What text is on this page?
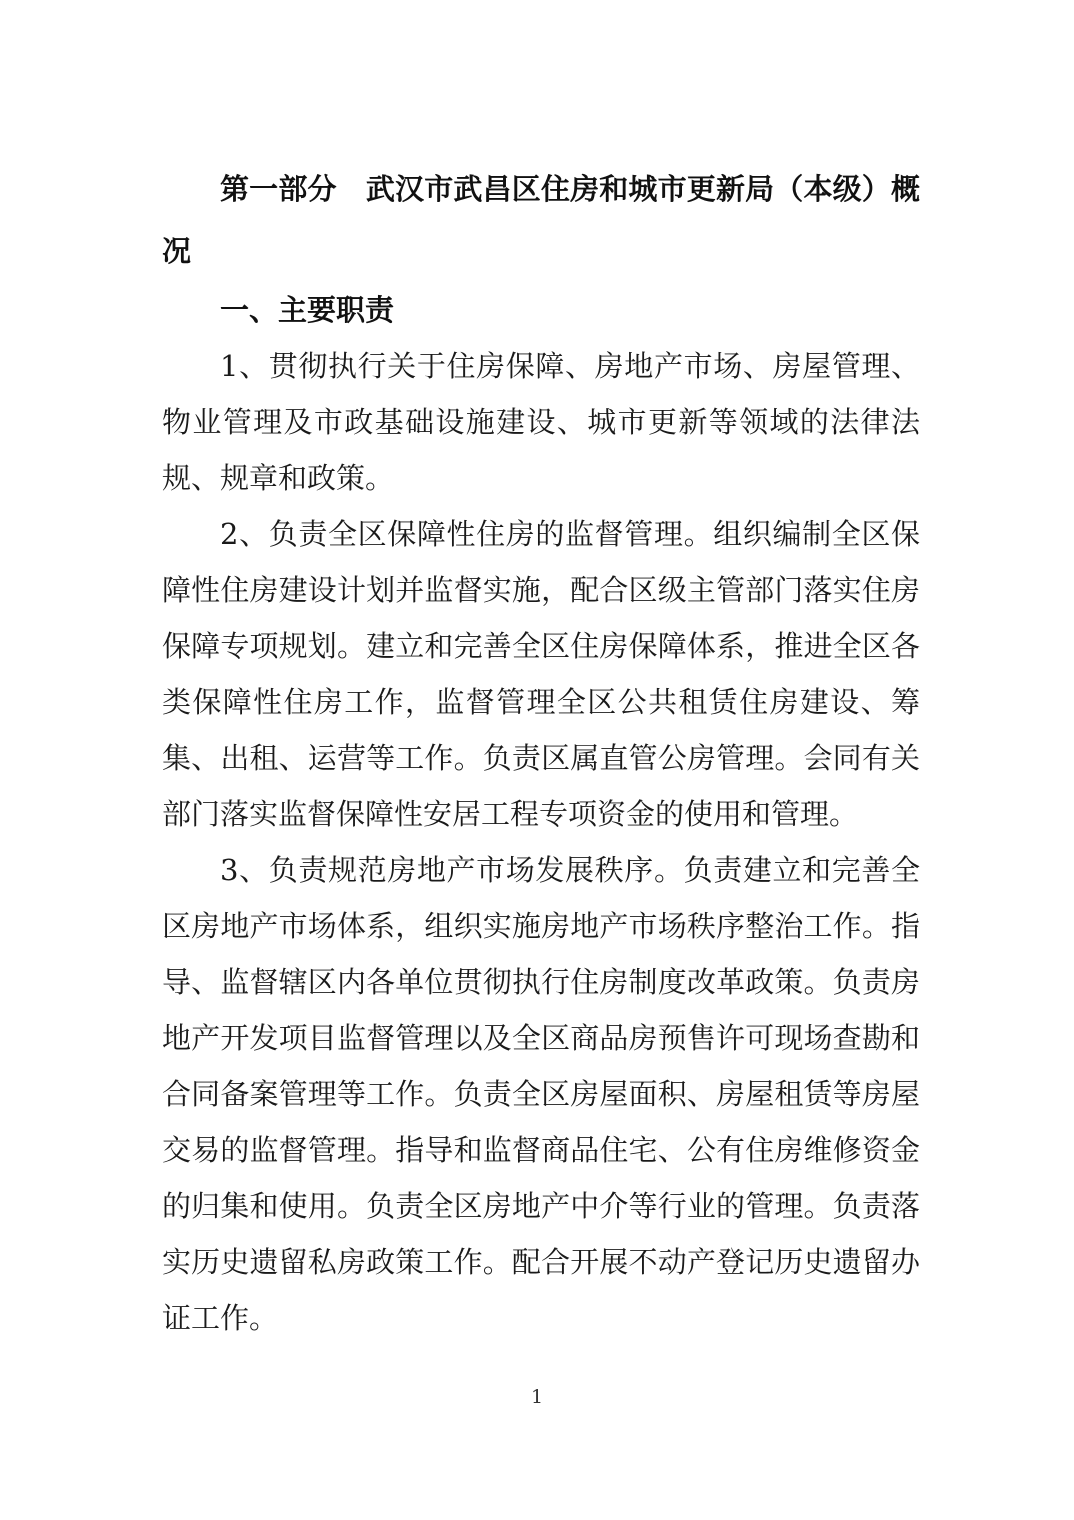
第一部分　武汉市武昌区住房和城市更新局（本级）概况
一、主要职责

1、贯彻执行关于住房保障、房地产市场、房屋管理、物业管理及市政基础设施建设、城市更新等领域的法律法规、规章和政策。

2、负责全区保障性住房的监督管理。组织编制全区保障性住房建设计划并监督实施，配合区级主管部门落实住房保障专项规划。建立和完善全区住房保障体系，推进全区各类保障性住房工作，监督管理全区公共租赁住房建设、筹集、出租、运营等工作。负责区属直管公房管理。会同有关部门落实监督保障性安居工程专项资金的使用和管理。

3、负责规范房地产市场发展秩序。负责建立和完善全区房地产市场体系，组织实施房地产市场秩序整治工作。指导、监督辖区内各单位贯彻执行住房制度改革政策。负责房地产开发项目监督管理以及全区商品房预售许可现场查勘和合同备案管理等工作。负责全区房屋面积、房屋租赁等房屋交易的监督管理。指导和监督商品住宅、公有住房维修资金的归集和使用。负责全区房地产中介等行业的管理。负责落实历史遗留私房政策工作。配合开展不动产登记历史遗留办证工作。

1
